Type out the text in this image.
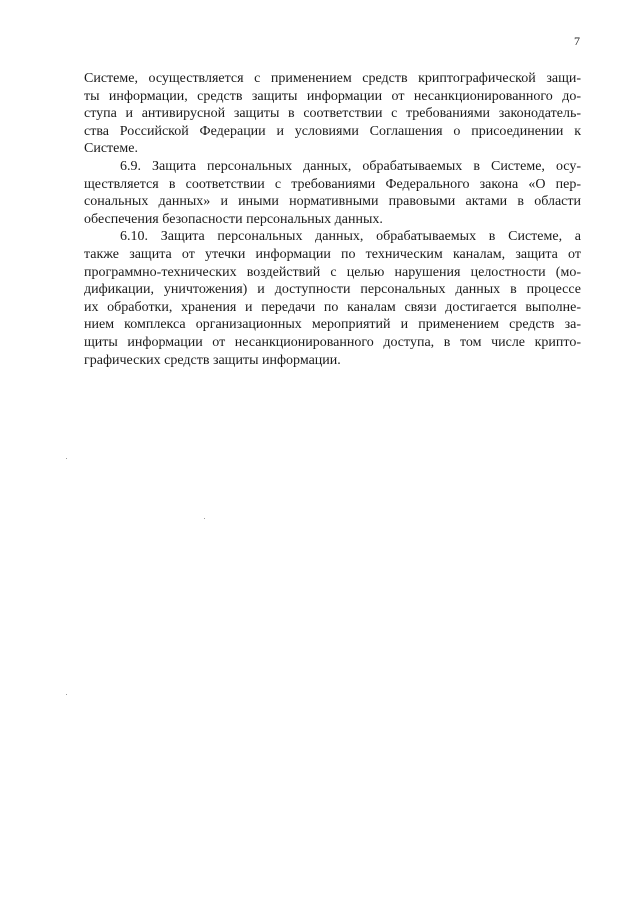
7
Системе, осуществляется с применением средств криптографической защи-
ты информации, средств защиты информации от несанкционированного до-
ступа и антивирусной защиты в соответствии с требованиями законодатель-
ства Российской Федерации и условиями Соглашения о присоединении к
Системе.
6.9. Защита персональных данных, обрабатываемых в Системе, осу-
ществляется в соответствии с требованиями Федерального закона «О пер-
сональных данных» и иными нормативными правовыми актами в области
обеспечения безопасности персональных данных.
6.10. Защита персональных данных, обрабатываемых в Системе, а
также защита от утечки информации по техническим каналам, защита от
программно-технических воздействий с целью нарушения целостности (мо-
дификации, уничтожения) и доступности персональных данных в процессе
их обработки, хранения и передачи по каналам связи достигается выполне-
нием комплекса организационных мероприятий и применением средств за-
щиты информации от несанкционированного доступа, в том числе крипто-
графических средств защиты информации.
